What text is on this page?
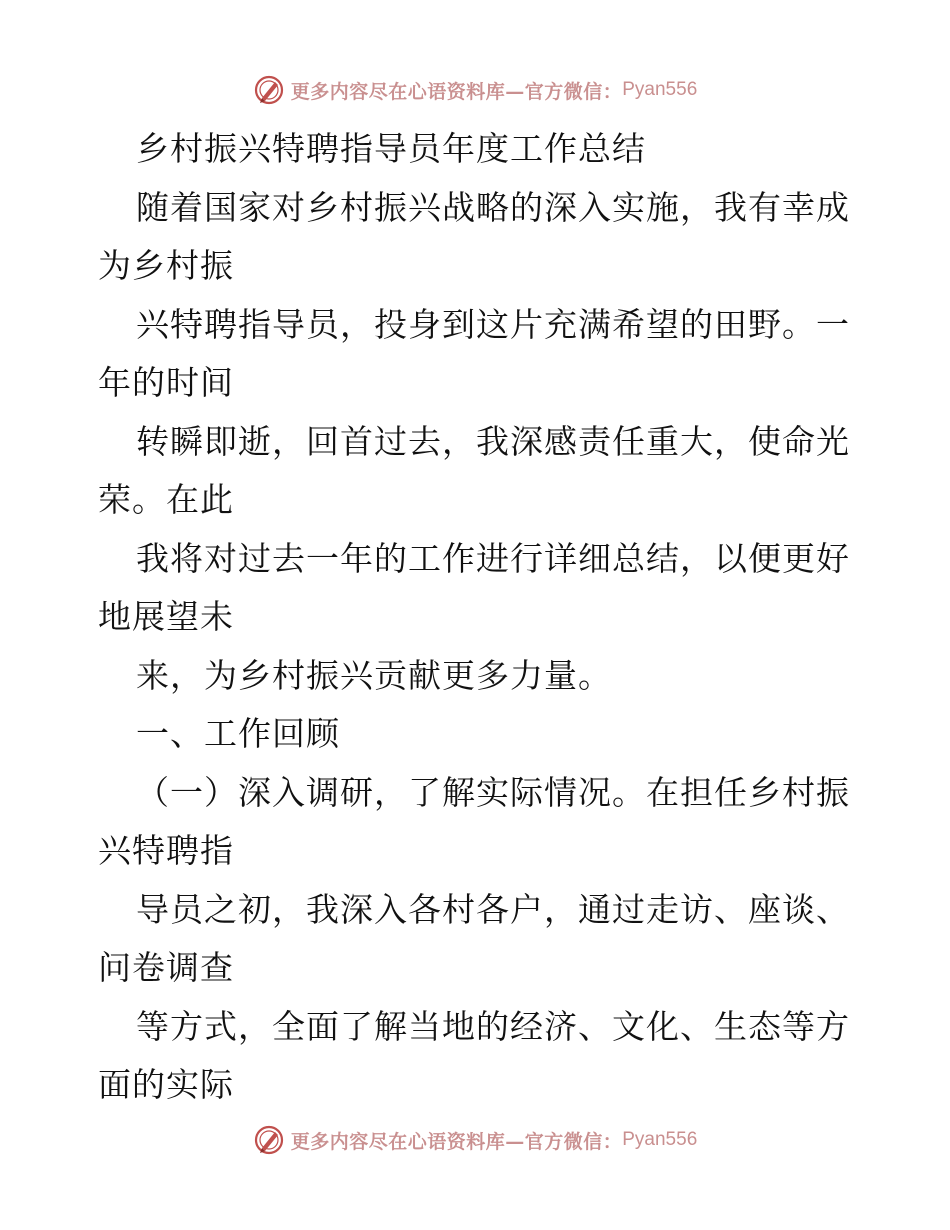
更多内容尽在心语资料库—官方微信： Pyan556
乡村振兴特聘指导员年度工作总结
随着国家对乡村振兴战略的深入实施，我有幸成
为乡村振
兴特聘指导员，投身到这片充满希望的田野。一
年的时间
转瞬即逝，回首过去，我深感责任重大，使命光
荣。在此
我将对过去一年的工作进行详细总结，以便更好
地展望未
来，为乡村振兴贡献更多力量。
一、工作回顾
（一）深入调研，了解实际情况。在担任乡村振
兴特聘指
导员之初，我深入各村各户，通过走访、座谈、
问卷调查
等方式，全面了解当地的经济、文化、生态等方
面的实际
更多内容尽在心语资料库—官方微信： Pyan556
